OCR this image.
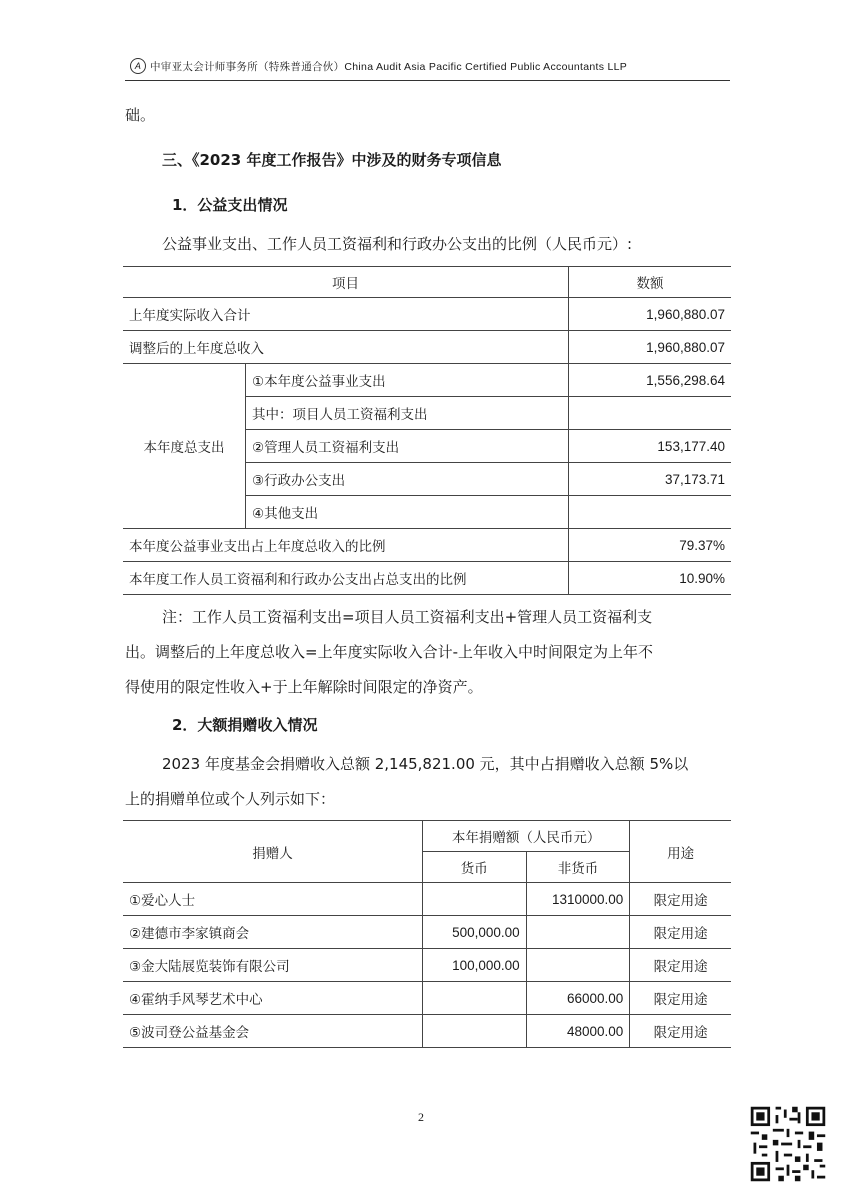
A 中审亚太会计师事务所（特殊普通合伙）China Audit Asia Pacific Certified Public Accountants LLP
础。
三、《2023 年度工作报告》中涉及的财务专项信息
1．公益支出情况
公益事业支出、工作人员工资福利和行政办公支出的比例（人民币元）:
项目		数额
上年度实际收入合计		1,960,880.07
调整后的上年度总收入		1,960,880.07
本年度总支出	①本年度公益事业支出	1,556,298.64
	其中：项目人员工资福利支出	
	②管理人员工资福利支出	153,177.40
	③行政办公支出	37,173.71
	④其他支出	
本年度公益事业支出占上年度总收入的比例		79.37%
本年度工作人员工资福利和行政办公支出占总支出的比例		10.90%
注：工作人员工资福利支出=项目人员工资福利支出+管理人员工资福利支
出。调整后的上年度总收入=上年度实际收入合计-上年收入中时间限定为上年不
得使用的限定性收入+于上年解除时间限定的净资产。
2．大额捐赠收入情况
2023 年度基金会捐赠收入总额 2,145,821.00 元，其中占捐赠收入总额 5%以
上的捐赠单位或个人列示如下：
捐赠人	本年捐赠额（人民币元）		用途
	货币	非货币	
①爱心人士		1310000.00	限定用途
②建德市李家镇商会	500,000.00		限定用途
③金大陆展览装饰有限公司	100,000.00		限定用途
④霍纳手风琴艺术中心		66000.00	限定用途
⑤波司登公益基金会		48000.00	限定用途
2
